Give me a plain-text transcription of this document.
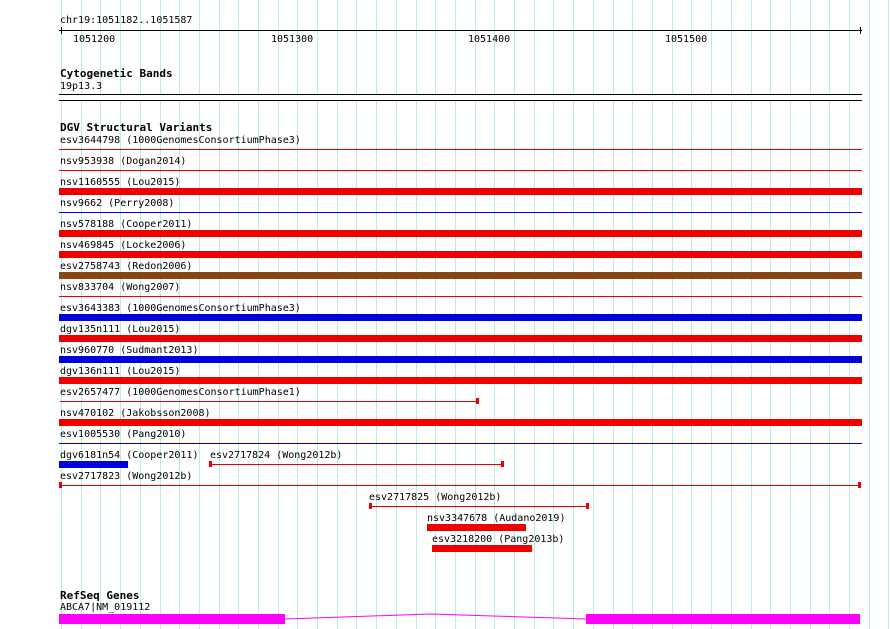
chr19:1051182..1051587
1051200	1051300	1051400	1051500
Cytogenetic Bands
19p13.3
DGV Structural Variants
esv3644798 (1000GenomesConsortiumPhase3)
nsv953938 (Dogan2014)
nsv1160555 (Lou2015)
nsv9662 (Perry2008)
nsv578188 (Cooper2011)
nsv469845 (Locke2006)
esv2758743 (Redon2006)
nsv833704 (Wong2007)
esv3643383 (1000GenomesConsortiumPhase3)
dgv135n111 (Lou2015)
nsv960770 (Sudmant2013)
dgv136n111 (Lou2015)
esv2657477 (1000GenomesConsortiumPhase1)
nsv470102 (Jakobsson2008)
esv1005530 (Pang2010)
dgv6181n54 (Cooper2011) esv2717824 (Wong2012b)
esv2717823 (Wong2012b)
esv2717825 (Wong2012b)
nsv3347678 (Audano2019)
esv3218200 (Pang2013b)
RefSeq Genes
ABCA7|NM_019112
